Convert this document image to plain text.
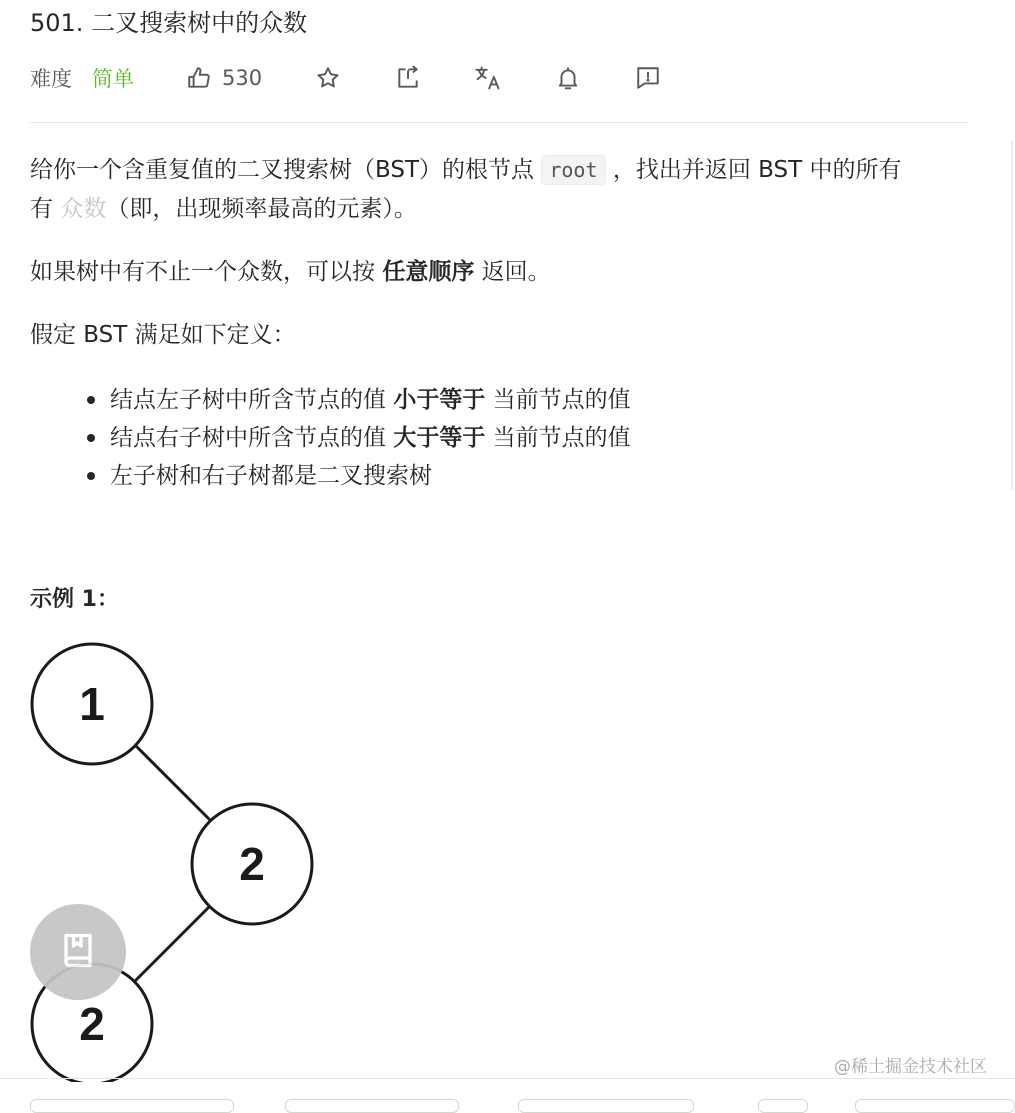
501. 二叉搜索树中的众数
难度 简单	530

给你一个含重复值的二叉搜索树（BST）的根节点 root ，找出并返回 BST 中的所有
有 众数（即，出现频率最高的元素）。

如果树中有不止一个众数，可以按 任意顺序 返回。

假定 BST 满足如下定义：

结点左子树中所含节点的值 小于等于 当前节点的值
结点右子树中所含节点的值 大于等于 当前节点的值
左子树和右子树都是二叉搜索树
示例 1：
1
2
2
@稀土掘金技术社区
